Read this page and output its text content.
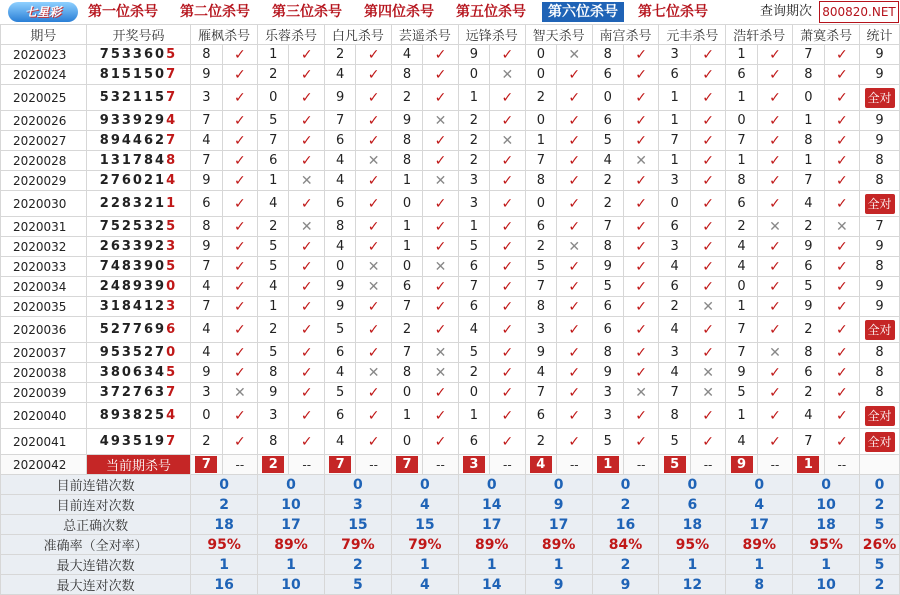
七星彩	第一位杀号 第二位杀号 第三位杀号 第四位杀号 第五位杀号	第六位杀号	第七位杀号	查询期次 800820.NET
期号	开奖号码	雁枫杀号		乐蓉杀号		白凡杀号		芸遥杀号		远锋杀号		智天杀号		南宫杀号		元丰杀号		浩轩杀号		萧寞杀号		统计
2020023	7533605	8	✓	1	✓	2	✓	4	✓	9	✓	0	✕	8	✓	3	✓	1	✓	7	✓	9
2020024	8151507	9	✓	2	✓	4	✓	8	✓	0	✕	0	✓	6	✓	6	✓	6	✓	8	✓	9
2020025	5321157	3	✓	0	✓	9	✓	2	✓	1	✓	2	✓	0	✓	1	✓	1	✓	0	✓	全对
2020026	9339294	7	✓	5	✓	7	✓	9	✕	2	✓	0	✓	6	✓	1	✓	0	✓	1	✓	9
2020027	8944627	4	✓	7	✓	6	✓	8	✓	2	✕	1	✓	5	✓	7	✓	7	✓	8	✓	9
2020028	1317848	7	✓	6	✓	4	✕	8	✓	2	✓	7	✓	4	✕	1	✓	1	✓	1	✓	8
2020029	2760214	9	✓	1	✕	4	✓	1	✕	3	✓	8	✓	2	✓	3	✓	8	✓	7	✓	8
2020030	2283211	6	✓	4	✓	6	✓	0	✓	3	✓	0	✓	2	✓	0	✓	6	✓	4	✓	全对
2020031	7525325	8	✓	2	✕	8	✓	1	✓	1	✓	6	✓	7	✓	6	✓	2	✕	2	✕	7
2020032	2633923	9	✓	5	✓	4	✓	1	✓	5	✓	2	✕	8	✓	3	✓	4	✓	9	✓	9
2020033	7483905	7	✓	5	✓	0	✕	0	✕	6	✓	5	✓	9	✓	4	✓	4	✓	6	✓	8
2020034	2489390	4	✓	4	✓	9	✕	6	✓	7	✓	7	✓	5	✓	6	✓	0	✓	5	✓	9
2020035	3184123	7	✓	1	✓	9	✓	7	✓	6	✓	8	✓	6	✓	2	✕	1	✓	9	✓	9
2020036	5277696	4	✓	2	✓	5	✓	2	✓	4	✓	3	✓	6	✓	4	✓	7	✓	2	✓	全对
2020037	9535270	4	✓	5	✓	6	✓	7	✕	5	✓	9	✓	8	✓	3	✓	7	✕	8	✓	8
2020038	3806345	9	✓	8	✓	4	✕	8	✕	2	✓	4	✓	9	✓	4	✕	9	✓	6	✓	8
2020039	3727637	3	✕	9	✓	5	✓	0	✓	0	✓	7	✓	3	✕	7	✕	5	✓	2	✓	8
2020040	8938254	0	✓	3	✓	6	✓	1	✓	1	✓	6	✓	3	✓	8	✓	1	✓	4	✓	全对
2020041	4935197	2	✓	8	✓	4	✓	0	✓	6	✓	2	✓	5	✓	5	✓	4	✓	7	✓	全对
2020042	当前期杀号	7	--	2	--	7	--	7	--	3	--	4	--	1	--	5	--	9	--	1	--	
目前连错次数		0		0		0		0		0		0		0		0		0		0		0
目前连对次数		2		10		3		4		14		9		2		6		4		10		2
总正确次数		18		17		15		15		17		17		16		18		17		18		5
准确率（全对率）		95%		89%		79%		79%		89%		89%		84%		95%		89%		95%		26%
最大连错次数		1		1		2		1		1		1		2		1		1		1		5
最大连对次数		16		10		5		4		14		9		9		12		8		10		2
